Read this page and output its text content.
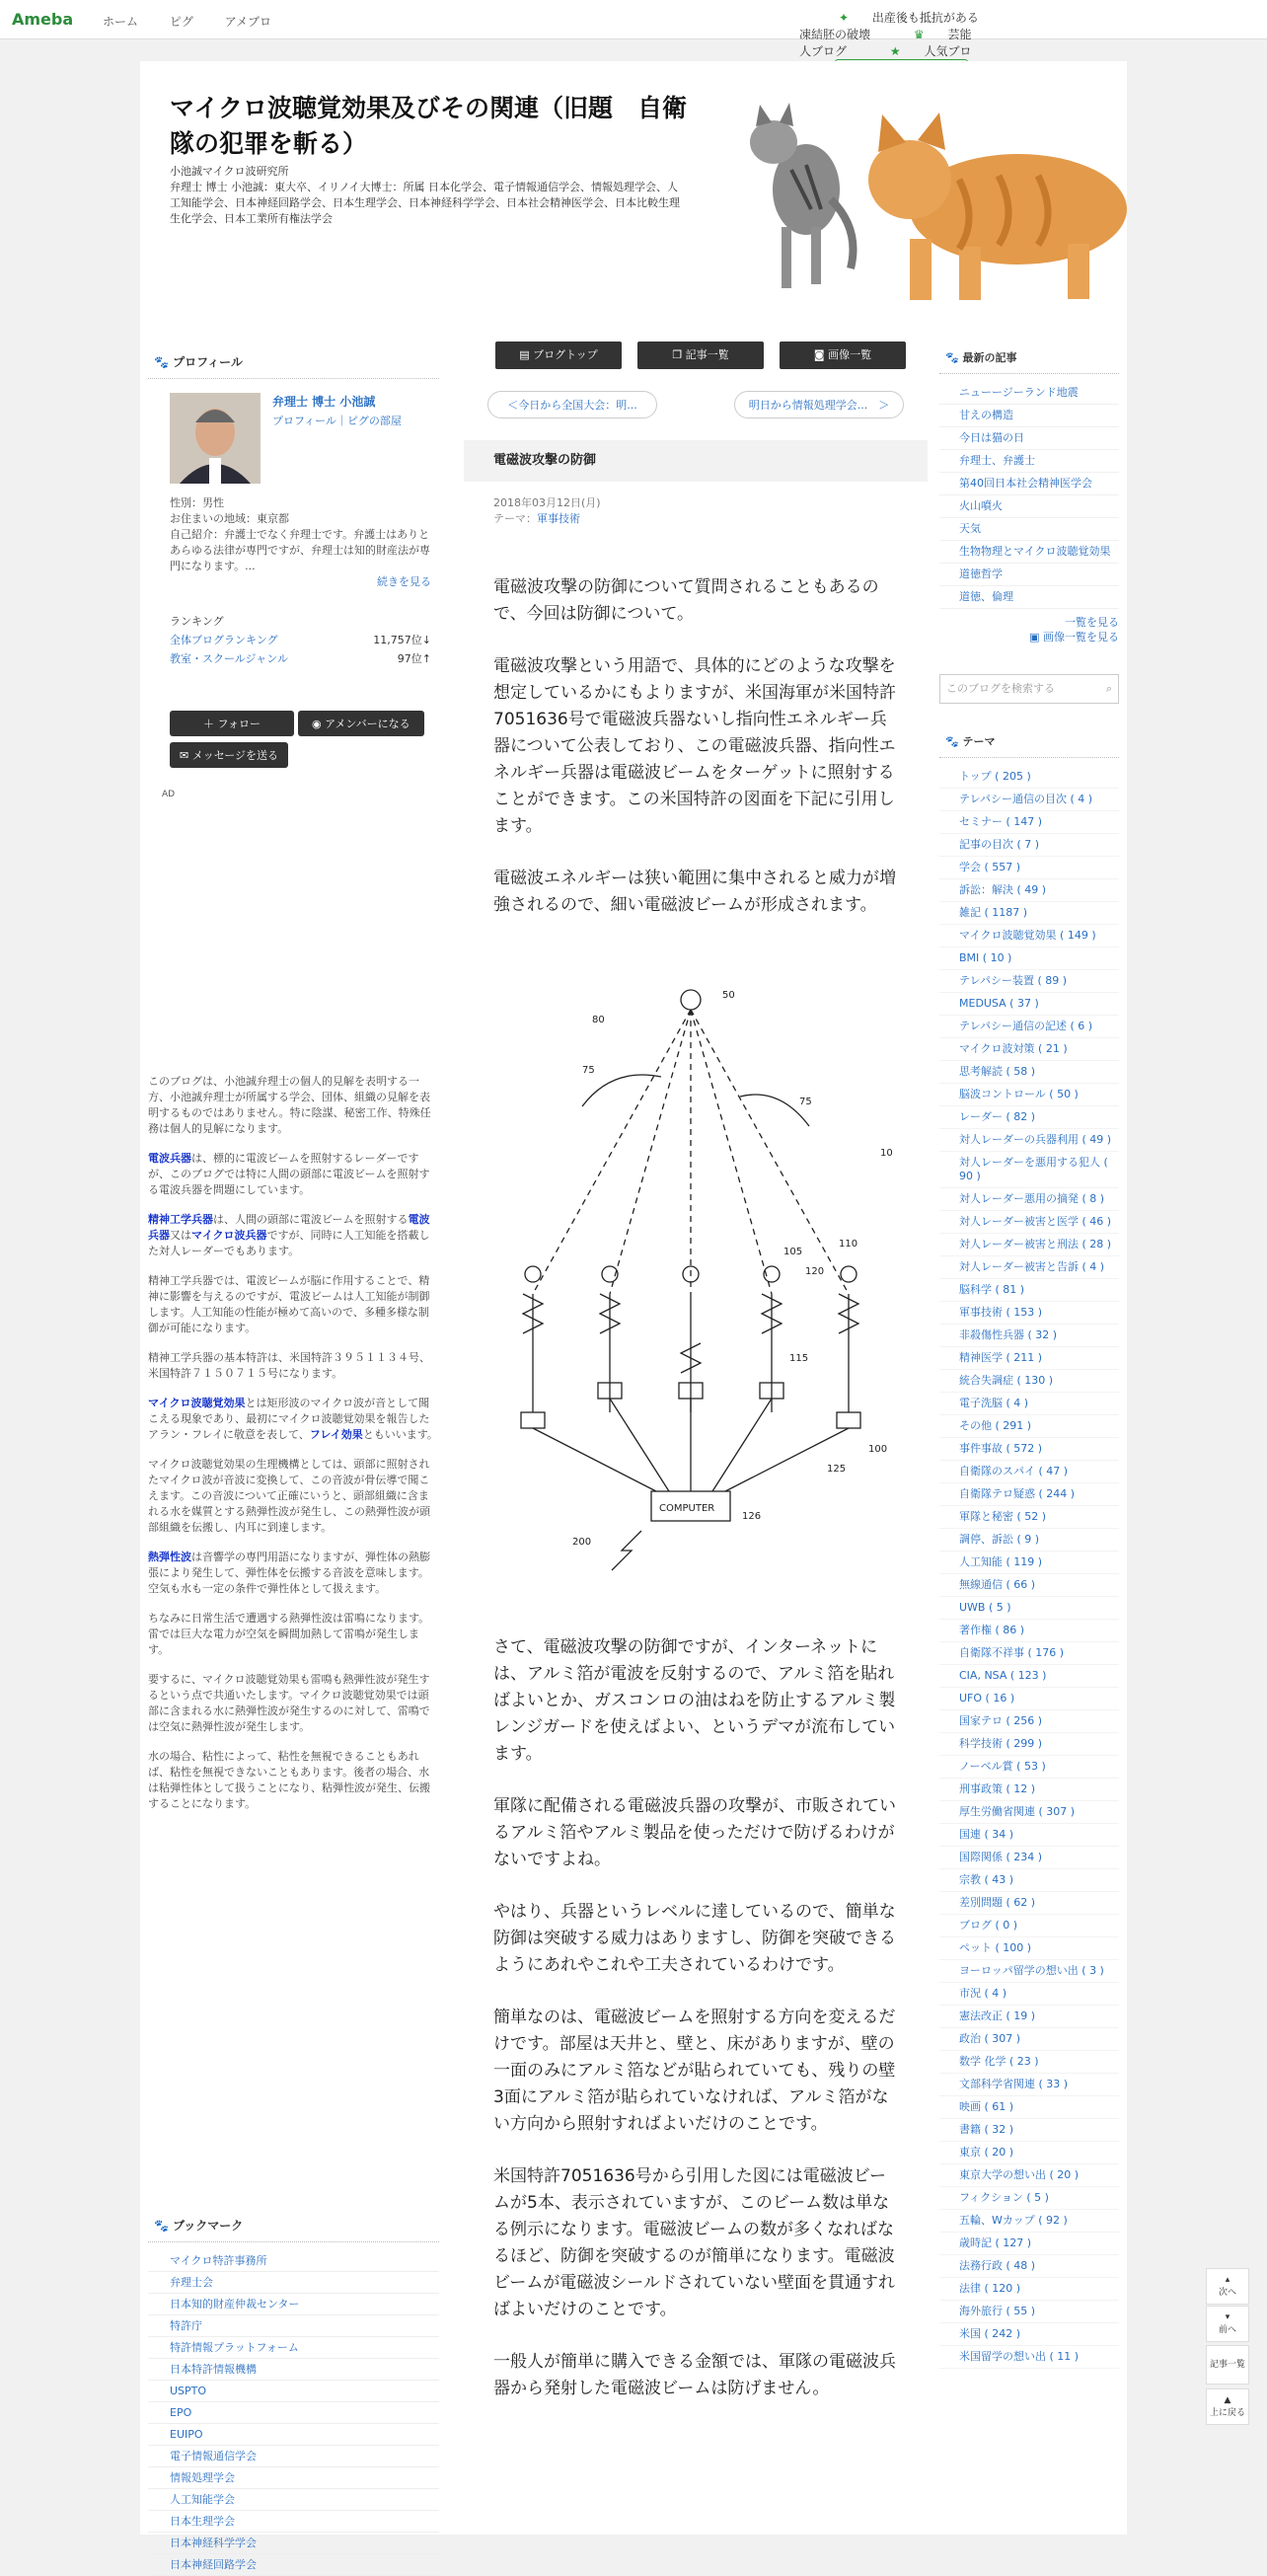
Ameba ホーム	ピグ	アメブロ	✦ 出産後も抵抗がある凍結胚の破壊	♛ 芸能人ブログ	★ 人気ブロ
マイクロ波聴覚効果及びその関連（旧題　自衛隊の犯罪を斬る）
小池誠マイクロ波研究所
弁理士 博士 小池誠：東大卒、イリノイ大博士：所属 日本化学会、電子情報通信学会、情報処理学会、人工知能学会、日本神経回路学会、日本生理学会、日本神経科学学会、日本社会精神医学会、日本比較生理生化学会、日本工業所有権法学会
🐾 プロフィール
弁理士 博士 小池誠
プロフィール｜ピグの部屋
性別：男性
お住まいの地域：東京都
自己紹介：弁護士でなく弁理士です。弁護士はありとあらゆる法律が専門ですが、弁理士は知的財産法が専門になります。...
続きを見る
ランキング
全体ブログランキング	11,757位↓
教室・スクールジャンル	97位↑
＋ フォロー	◉ アメンバーになる ✉ メッセージを送る
AD

このブログは、小池誠弁理士の個人的見解を表明する一方、小池誠弁理士が所属する学会、団体、組織の見解を表明するものではありません。特に陰謀、秘密工作、特殊任務は個人的見解になります。

電波兵器は、標的に電波ビームを照射するレーダーですが、このブログでは特に人間の頭部に電波ビームを照射する電波兵器を問題にしています。

精神工学兵器は、人間の頭部に電波ビームを照射する電波兵器又はマイクロ波兵器ですが、同時に人工知能を搭載した対人レーダーでもあります。

精神工学兵器では、電波ビームが脳に作用することで、精神に影響を与えるのですが、電波ビームは人工知能が制御します。人工知能の性能が極めて高いので、多種多様な制御が可能になります。

精神工学兵器の基本特許は、米国特許３９５１１３４号、米国特許７１５０７１５号になります。

マイクロ波聴覚効果とは矩形波のマイクロ波が音として聞こえる現象であり、最初にマイクロ波聴覚効果を報告したアラン・フレイに敬意を表して、フレイ効果ともいいます。

マイクロ波聴覚効果の生理機構としては、頭部に照射されたマイクロ波が音波に変換して、この音波が骨伝導で聞こえます。この音波について正確にいうと、頭部組織に含まれる水を媒質とする熱弾性波が発生し、この熱弾性波が頭部組織を伝搬し、内耳に到達します。

熱弾性波は音響学の専門用語になりますが、弾性体の熱膨張により発生して、弾性体を伝搬する音波を意味します。空気も水も一定の条件で弾性体として扱えます。

ちなみに日常生活で遭遇する熱弾性波は雷鳴になります。雷では巨大な電力が空気を瞬間加熱して雷鳴が発生します。

要するに、マイクロ波聴覚効果も雷鳴も熱弾性波が発生するという点で共通いたします。マイクロ波聴覚効果では頭部に含まれる水に熱弾性波が発生するのに対して、雷鳴では空気に熱弾性波が発生します。

水の場合、粘性によって、粘性を無視できることもあれば、粘性を無視できないこともあります。後者の場合、水は粘弾性体として扱うことになり、粘弾性波が発生、伝搬することになります。

🐾 ブックマーク
マイクロ特許事務所
弁理士会
日本知的財産仲裁センター
特許庁
特許情報プラットフォーム
日本特許情報機構
USPTO
EPO
EUIPO
電子情報通信学会
情報処理学会
人工知能学会
日本生理学会
日本神経科学学会
日本神経回路学会
▤ ブログトップ	❐ 記事一覧	◙ 画像一覧
＜今日から全国大会：明...	明日から情報処理学会...　＞
電磁波攻撃の防御
2018年03月12日(月)
テーマ：軍事技術

電磁波攻撃の防御について質問されることもあるので、今回は防御について。

電磁波攻撃という用語で、具体的にどのような攻撃を想定しているかにもよりますが、米国海軍が米国特許7051636号で電磁波兵器ないし指向性エネルギー兵器について公表しており、この電磁波兵器、指向性エネルギー兵器は電磁波ビームをターゲットに照射することができます。この米国特許の図面を下記に引用します。

電磁波エネルギーは狭い範囲に集中されると威力が増強されるので、細い電磁波ビームが形成されます。

COMPUTER
50
80
75
75
10
105
110
120
115
100
125
126
200

さて、電磁波攻撃の防御ですが、インターネットには、アルミ箔が電波を反射するので、アルミ箔を貼ればよいとか、ガスコンロの油はねを防止するアルミ製レンジガードを使えばよい、というデマが流布しています。

軍隊に配備される電磁波兵器の攻撃が、市販されているアルミ箔やアルミ製品を使っただけで防げるわけがないですよね。

やはり、兵器というレベルに達しているので、簡単な防御は突破する威力はありますし、防御を突破できるようにあれやこれや工夫されているわけです。

簡単なのは、電磁波ビームを照射する方向を変えるだけです。部屋は天井と、壁と、床がありますが、壁の一面のみにアルミ箔などが貼られていても、残りの壁3面にアルミ箔が貼られていなければ、アルミ箔がない方向から照射すればよいだけのことです。

米国特許7051636号から引用した図には電磁波ビームが5本、表示されていますが、このビーム数は単なる例示になります。電磁波ビームの数が多くなればなるほど、防御を突破するのが簡単になります。電磁波ビームが電磁波シールドされていない壁面を貫通すればよいだけのことです。

一般人が簡単に購入できる金額では、軍隊の電磁波兵器から発射した電磁波ビームは防げません。

🐾 最新の記事
ニューージーランド地震
甘えの構造
今日は猫の日
弁理士、弁護士
第40回日本社会精神医学会
火山噴火
天気
生物物理とマイクロ波聴覚効果
道徳哲学
道徳、倫理
一覧を見る
▣ 画像一覧を見る
このブログを検索する	⌕
🐾 テーマ
トップ ( 205 )
テレパシー通信の目次 ( 4 )
セミナー ( 147 )
記事の目次 ( 7 )
学会 ( 557 )
訴訟：解決 ( 49 )
雑記 ( 1187 )
マイクロ波聴覚効果 ( 149 )
BMI ( 10 )
テレパシー装置 ( 89 )
MEDUSA ( 37 )
テレパシー通信の記述 ( 6 )
マイクロ波対策 ( 21 )
思考解読 ( 58 )
脳波コントロール ( 50 )
レーダー ( 82 )
対人レーダーの兵器利用 ( 49 )
対人レーダーを悪用する犯人 ( 90 )
対人レーダー悪用の摘発 ( 8 )
対人レーダー被害と医学 ( 46 )
対人レーダー被害と刑法 ( 28 )
対人レーダー被害と告訴 ( 4 )
脳科学 ( 81 )
軍事技術 ( 153 )
非殺傷性兵器 ( 32 )
精神医学 ( 211 )
統合失調症 ( 130 )
電子洗脳 ( 4 )
その他 ( 291 )
事件事故 ( 572 )
自衛隊のスパイ ( 47 )
自衛隊テロ疑惑 ( 244 )
軍隊と秘密 ( 52 )
調停、訴訟 ( 9 )
人工知能 ( 119 )
無線通信 ( 66 )
UWB ( 5 )
著作権 ( 86 )
自衛隊不祥事 ( 176 )
CIA, NSA ( 123 )
UFO ( 16 )
国家テロ ( 256 )
科学技術 ( 299 )
ノーベル賞 ( 53 )
刑事政策 ( 12 )
厚生労働省関連 ( 307 )
国連 ( 34 )
国際関係 ( 234 )
宗教 ( 43 )
差別問題 ( 62 )
ブログ ( 0 )
ペット ( 100 )
ヨーロッパ留学の想い出 ( 3 )
市況 ( 4 )
憲法改正 ( 19 )
政治 ( 307 )
数学 化学 ( 23 )
文部科学省関連 ( 33 )
映画 ( 61 )
書籍 ( 32 )
東京 ( 20 )
東京大学の想い出 ( 20 )
フィクション ( 5 )
五輪、Wカップ ( 92 )
歳時記 ( 127 )
法務行政 ( 48 )
法律 ( 120 )
海外旅行 ( 55 )
米国 ( 242 )
米国留学の想い出 ( 11 )
▴
次へ
▾
前へ
記事一覧
▲
上に戻る
